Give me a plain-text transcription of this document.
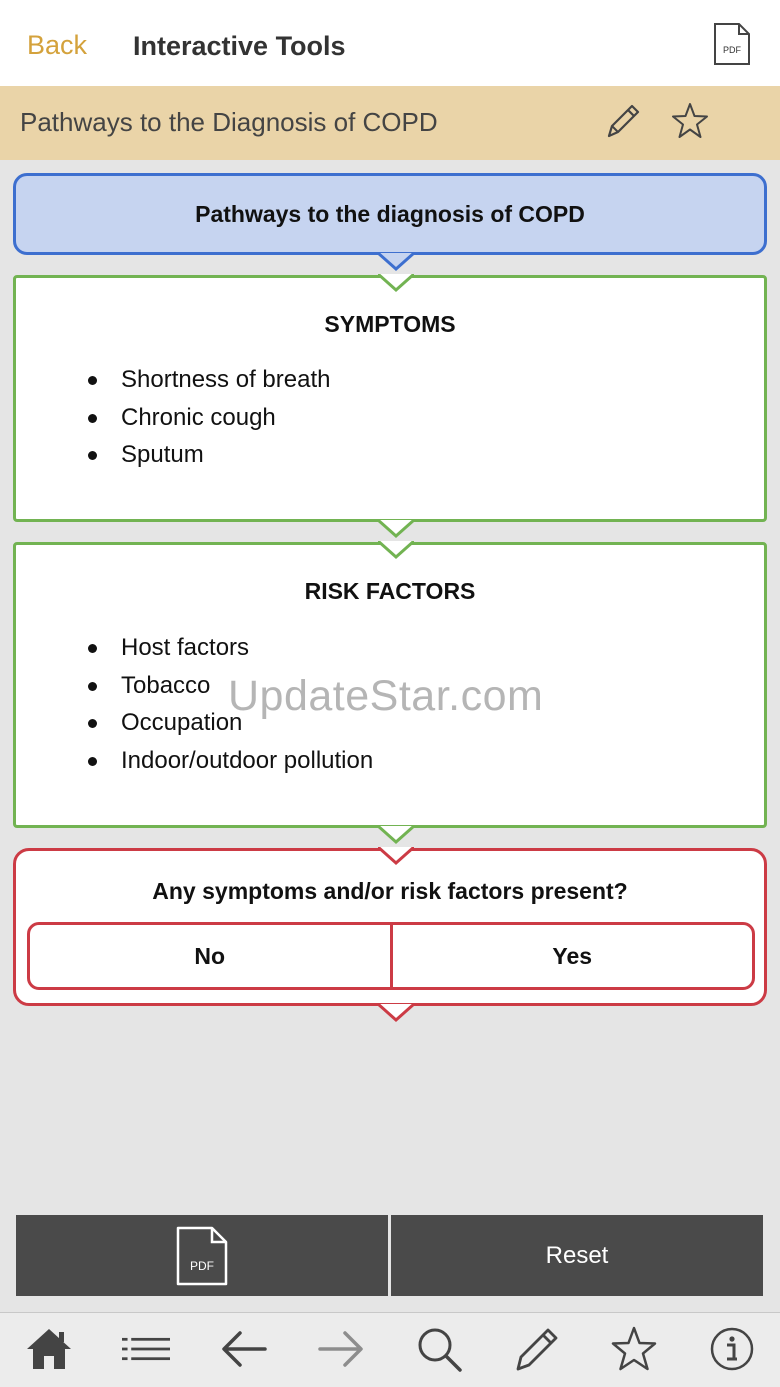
Back Interactive Tools	PDF
Pathways to the Diagnosis of COPD
Pathways to the diagnosis of COPD
SYMPTOMS
Shortness of breath
Chronic cough
Sputum
RISK FACTORS
Host factors
Tobacco
Occupation
Indoor/outdoor pollution
Any symptoms and/or risk factors present?
No	Yes
UpdateStar.com
PDF	Reset
